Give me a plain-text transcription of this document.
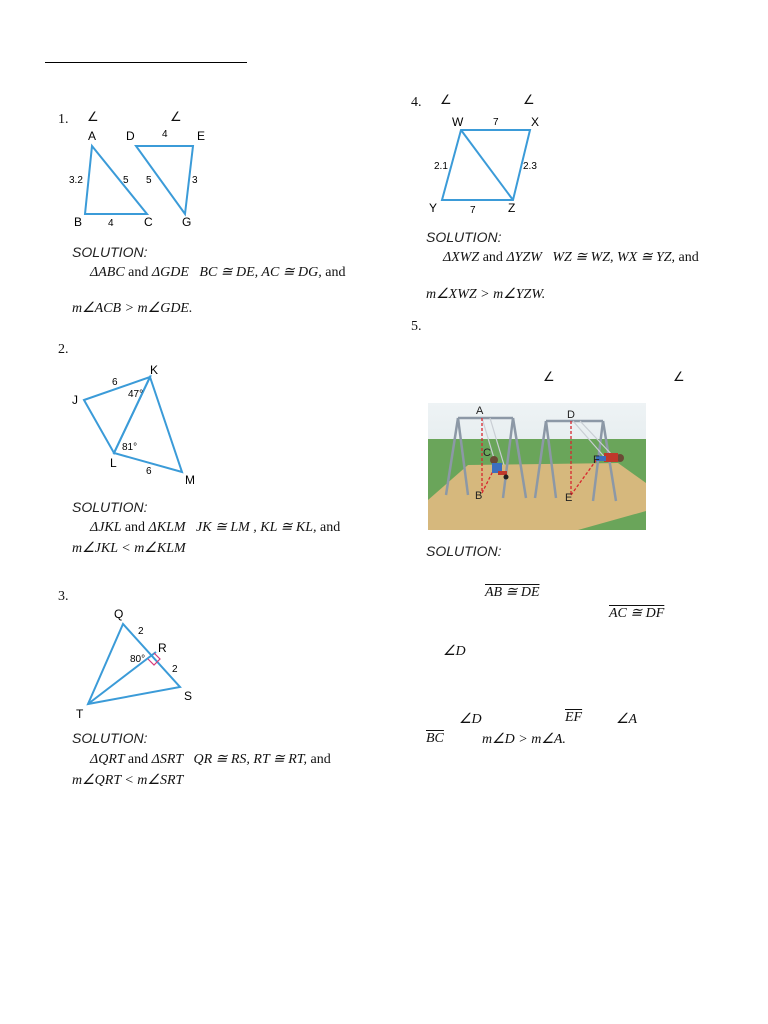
1. ∠	∠
A
B	C
D	E
G
3.2
4
5
4
5	3
SOLUTION:
ΔABC and ΔGDE BC ≅ DE, AC ≅ DG, and
m∠ACB > m∠GDE.
2.
J
K
L
M
6
6
47°
81°
SOLUTION:
ΔJKL and ΔKLM JK ≅ LM , KL ≅ KL, and
m∠JKL < m∠KLM
3.
Q
R
S
T
2
2
80°
SOLUTION:
ΔQRT and ΔSRT QR ≅ RS, RT ≅ RT, and
m∠QRT < m∠SRT
4. ∠	∠
W	X
Y	Z
7
7
2.1	2.3
SOLUTION:
ΔXWZ and ΔYZW WZ ≅ WZ, WX ≅ YZ, and
m∠XWZ > m∠YZW.
5.
∠	∠
A
B
C
D
E
F
SOLUTION:
AB ≅ DE
AC ≅ DF
∠D
∠D	$\overline{EF}$ ∠A
$\overline{BC}$	m∠D > m∠A.
